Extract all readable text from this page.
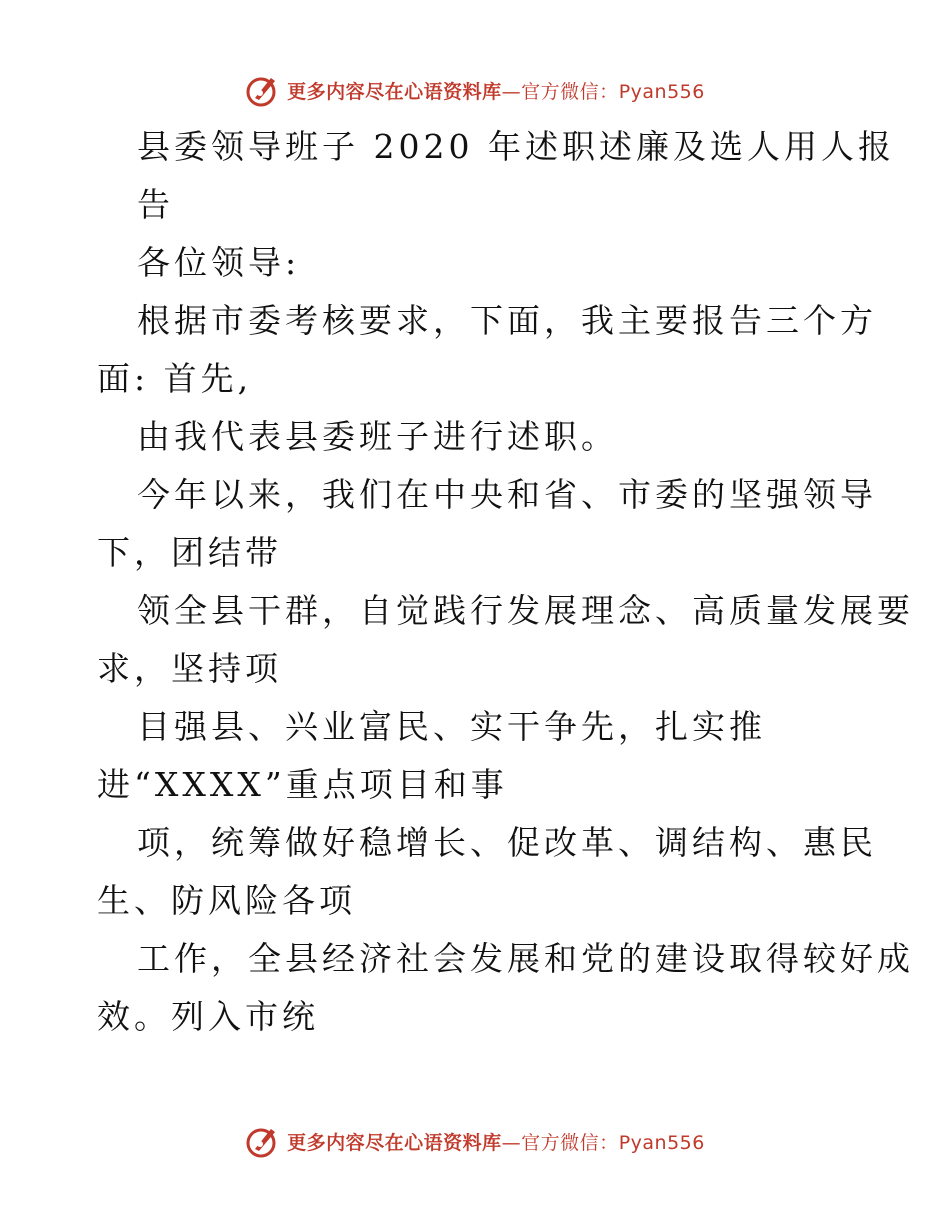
更多内容尽在心语资料库—官方微信：Pyan556
县委领导班子 2020 年述职述廉及选人用人报
告
各位领导:
根据市委考核要求，下面，我主要报告三个方
面: 首先,
由我代表县委班子进行述职。
今年以来，我们在中央和省、市委的坚强领导
下，团结带
领全县干群，自觉践行发展理念、高质量发展要
求，坚持项
目强县、兴业富民、实干争先，扎实推
进“XXXX”重点项目和事
项，统筹做好稳增长、促改革、调结构、惠民
生、防风险各项
工作，全县经济社会发展和党的建设取得较好成
效。列入市统
更多内容尽在心语资料库—官方微信：Pyan556
